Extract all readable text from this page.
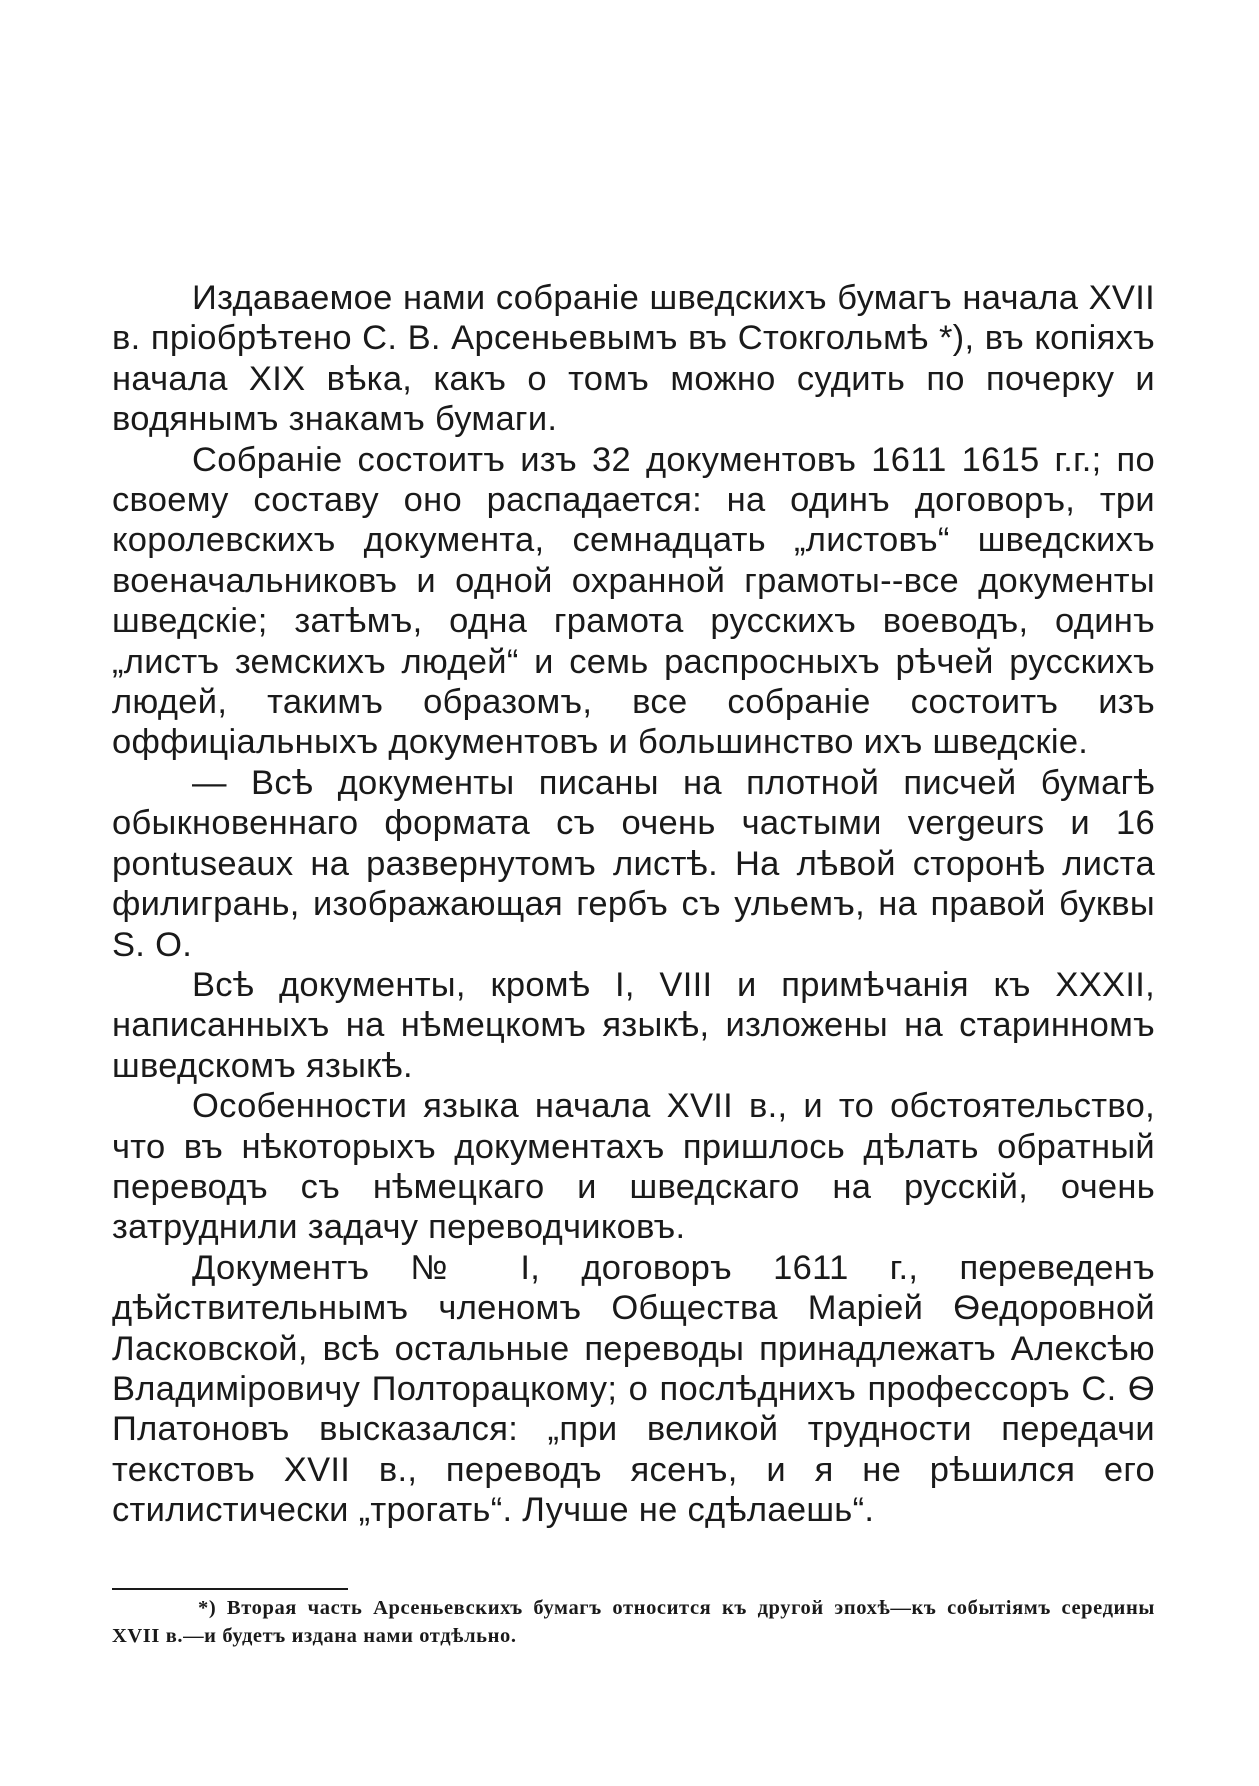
Издаваемое нами собраніе шведскихъ бумагъ начала XVII в. пріобрѣтено С. В. Арсеньевымъ въ Стокгольмѣ *), въ копіяхъ начала XIX вѣка, какъ о томъ можно судить по почерку и водянымъ знакамъ бумаги.

Собраніе состоитъ изъ 32 документовъ 1611 1615 г.г.; по своему составу оно распадается: на одинъ договоръ, три королевскихъ документа, семнадцать „листовъ“ шведскихъ военачальниковъ и одной охранной грамоты--все документы шведскіе; затѣмъ, одна грамота русскихъ воеводъ, одинъ „листъ земскихъ людей“ и семь распросныхъ рѣчей русскихъ людей, такимъ образомъ, все собраніе состоитъ изъ оффиціальныхъ документовъ и большинство ихъ шведскіе.

— Всѣ документы писаны на плотной писчей бумагѣ обыкновеннаго формата съ очень частыми vergeurs и 16 pontuseaux на развернутомъ листѣ. На лѣвой сторонѣ листа филигрань, изображающая гербъ съ ульемъ, на правой буквы S. O.

Всѣ документы, кромѣ I, VIII и примѣчанія къ XXXII, написанныхъ на нѣмецкомъ языкѣ, изложены на старинномъ шведскомъ языкѣ.

Особенности языка начала XVII в., и то обстоятельство, что въ нѣкоторыхъ документахъ пришлось дѣлать обратный переводъ съ нѣмецкаго и шведскаго на русскій, очень затруднили задачу переводчиковъ.

Документъ № I, договоръ 1611 г., переведенъ дѣйствительнымъ членомъ Общества Маріей Ѳедоровной Ласковской, всѣ остальные переводы принадлежатъ Алексѣю Владиміровичу Полторацкому; о послѣднихъ профессоръ С. Ѳ Платоновъ высказался: „при великой трудности передачи текстовъ XVII в., переводъ ясенъ, и я не рѣшился его стилистически „трогать“. Лучше не сдѣлаешь“.

*) Вторая часть Арсеньевскихъ бумагъ относится къ другой эпохѣ—къ событіямъ середины XVII в.—и будетъ издана нами отдѣльно.
